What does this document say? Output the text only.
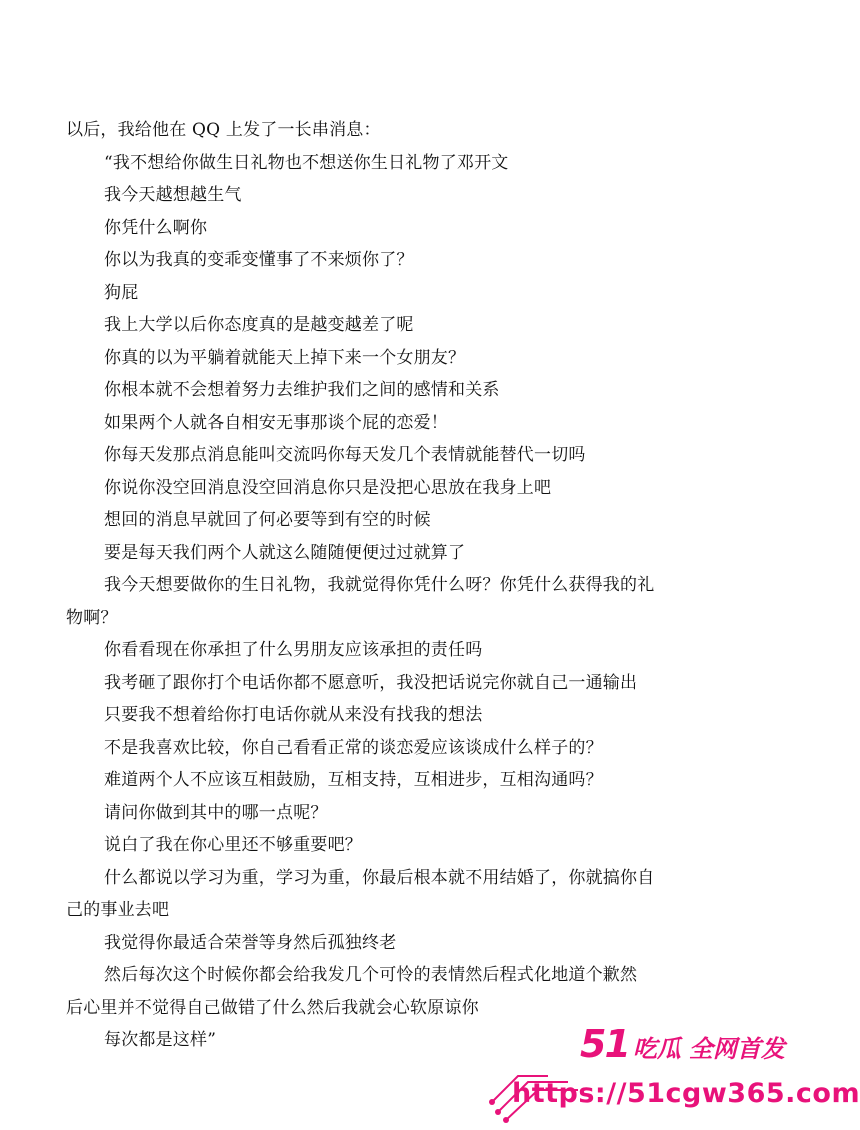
以后，我给他在 QQ 上发了一长串消息：
“我不想给你做生日礼物也不想送你生日礼物了邓开文
我今天越想越生气
你凭什么啊你
你以为我真的变乖变懂事了不来烦你了？
狗屁
我上大学以后你态度真的是越变越差了呢
你真的以为平躺着就能天上掉下来一个女朋友？
你根本就不会想着努力去维护我们之间的感情和关系
如果两个人就各自相安无事那谈个屁的恋爱！
你每天发那点消息能叫交流吗你每天发几个表情就能替代一切吗
你说你没空回消息没空回消息你只是没把心思放在我身上吧
想回的消息早就回了何必要等到有空的时候
要是每天我们两个人就这么随随便便过过就算了
我今天想要做你的生日礼物，我就觉得你凭什么呀？你凭什么获得我的礼
物啊？
你看看现在你承担了什么男朋友应该承担的责任吗
我考砸了跟你打个电话你都不愿意听，我没把话说完你就自己一通输出
只要我不想着给你打电话你就从来没有找我的想法
不是我喜欢比较，你自己看看正常的谈恋爱应该谈成什么样子的？
难道两个人不应该互相鼓励，互相支持，互相进步，互相沟通吗？
请问你做到其中的哪一点呢？
说白了我在你心里还不够重要吧？
什么都说以学习为重，学习为重，你最后根本就不用结婚了，你就搞你自
己的事业去吧
我觉得你最适合荣誉等身然后孤独终老
然后每次这个时候你都会给我发几个可怜的表情然后程式化地道个歉然
后心里并不觉得自己做错了什么然后我就会心软原谅你
每次都是这样”	51 吃瓜 全网首发
https://51cgw365.com
